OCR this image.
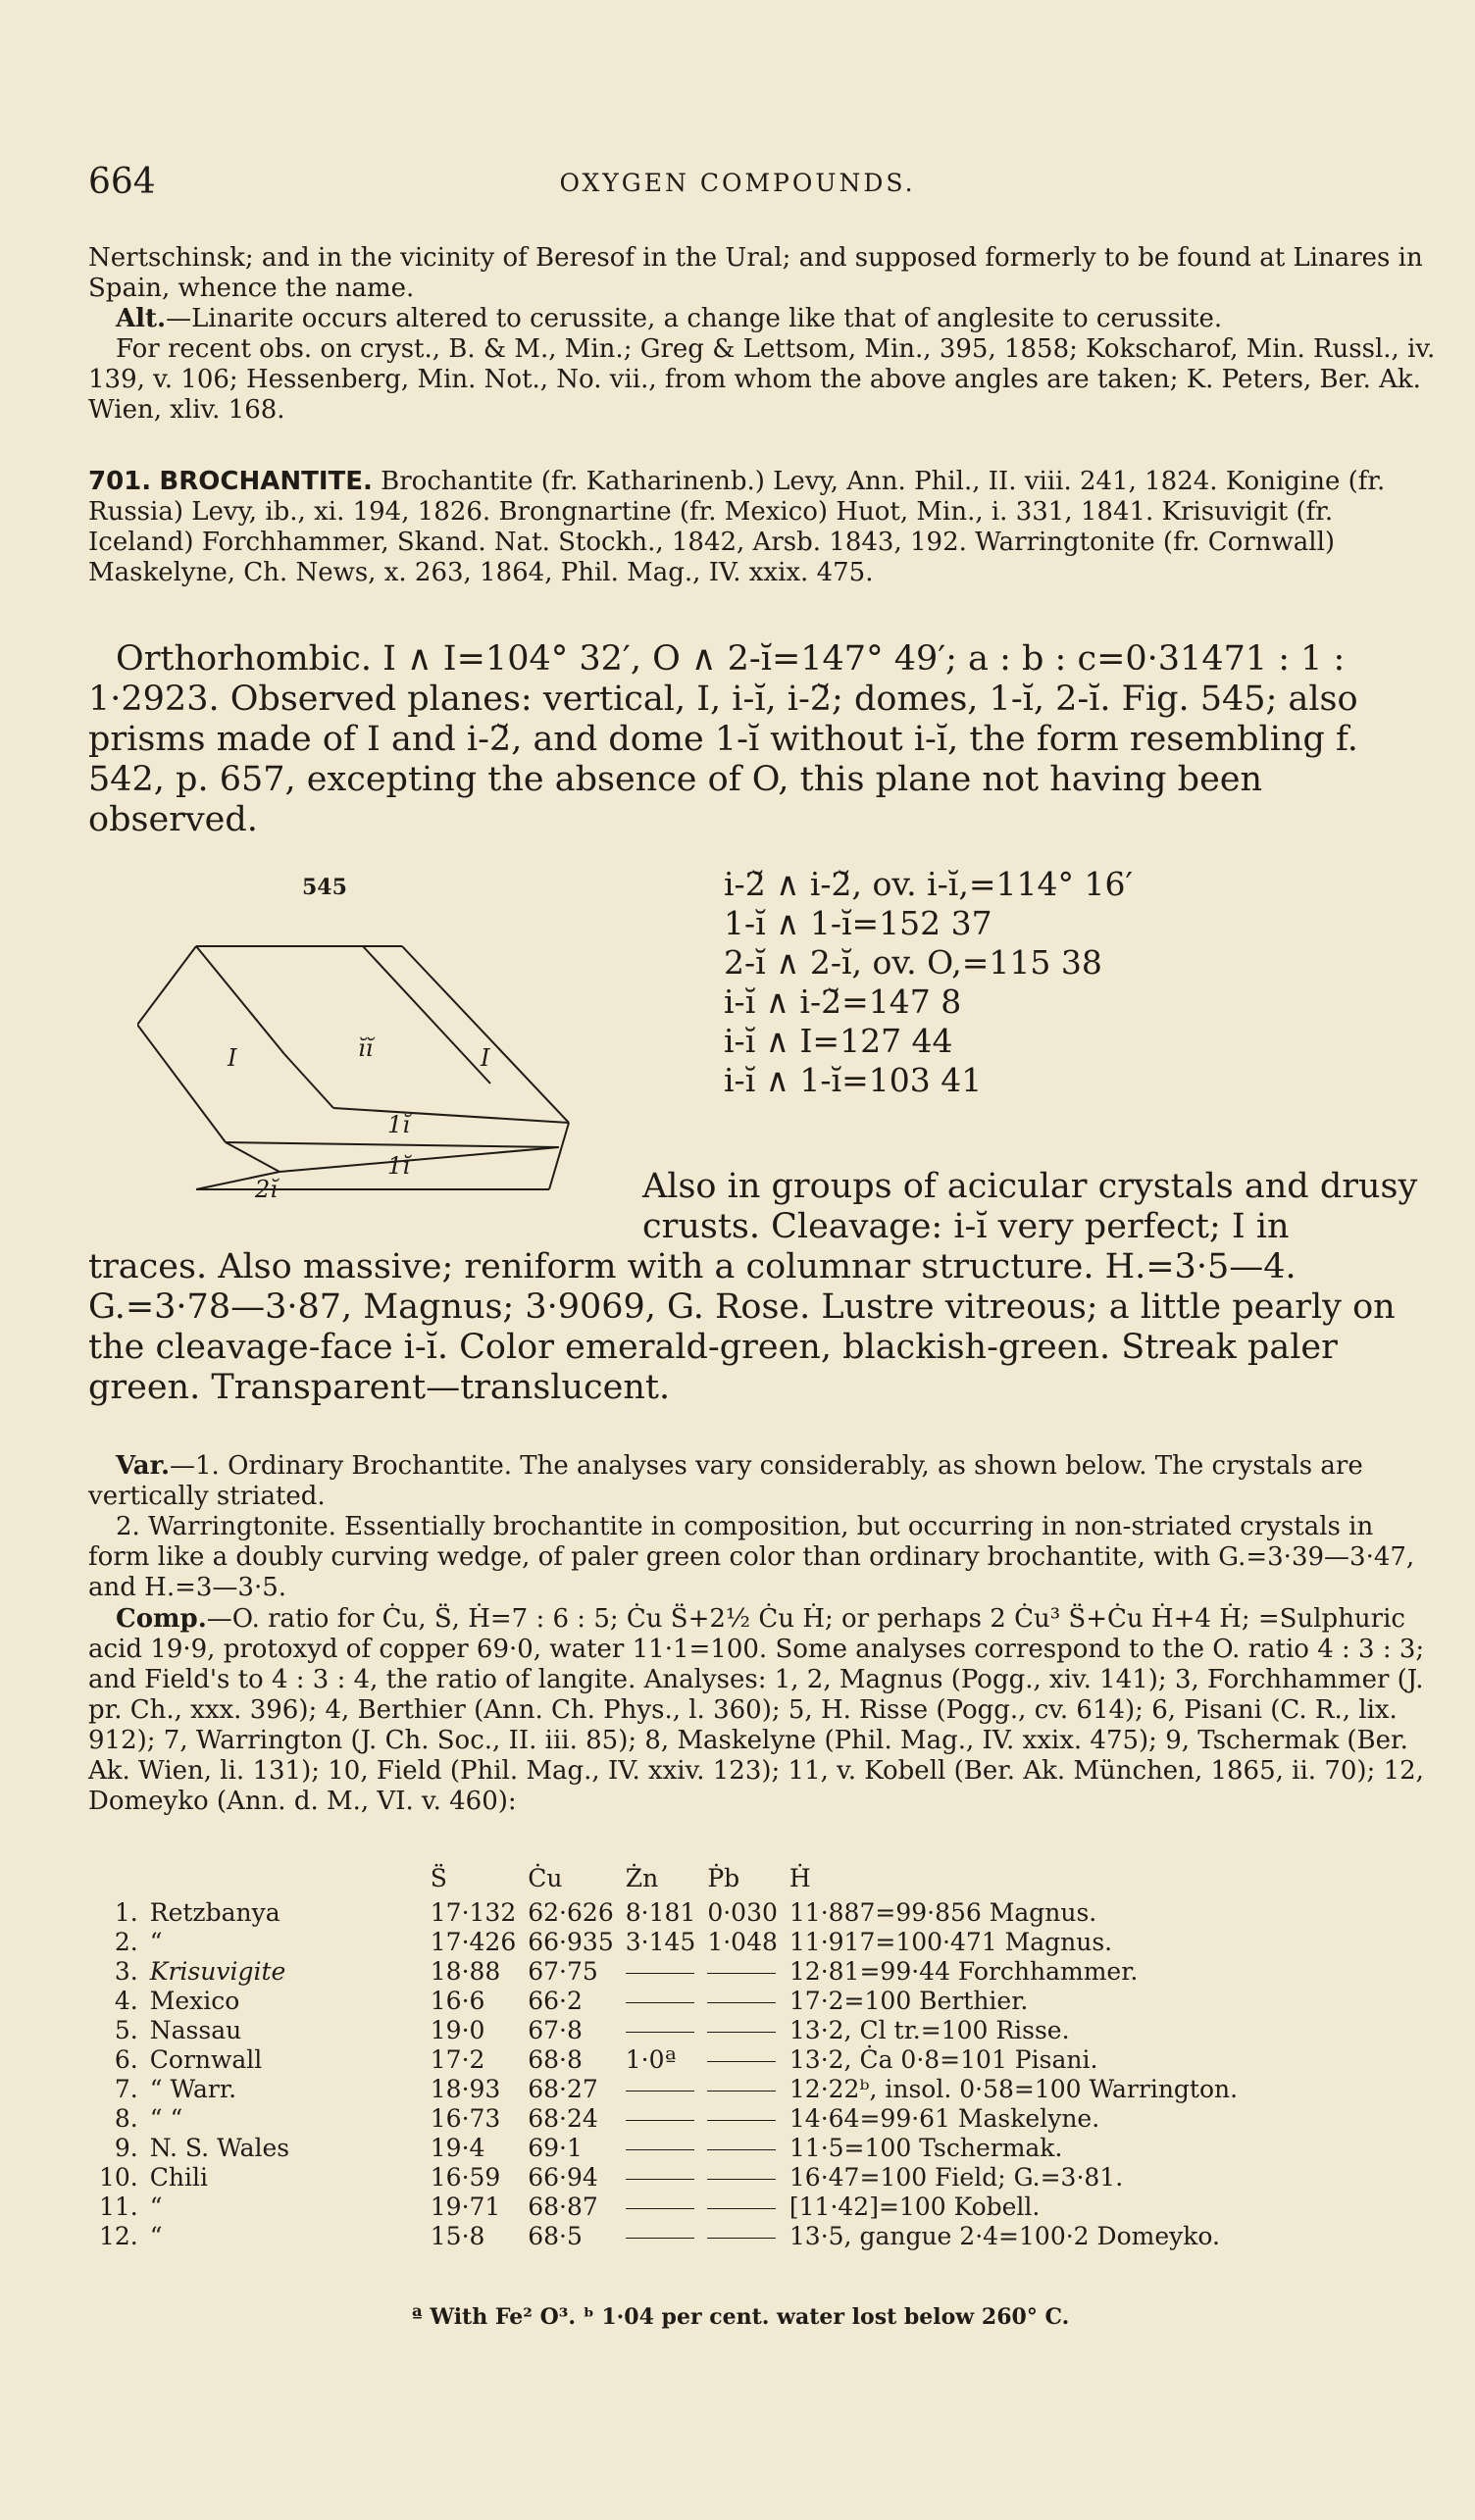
664	OXYGEN COMPOUNDS.
Nertschinsk; and in the vicinity of Beresof in the Ural; and supposed formerly to be found at Linares in Spain, whence the name.
Alt.—Linarite occurs altered to cerussite, a change like that of anglesite to cerussite.
For recent obs. on cryst., B. & M., Min.; Greg & Lettsom, Min., 395, 1858; Kokscharof, Min. Russl., iv. 139, v. 106; Hessenberg, Min. Not., No. vii., from whom the above angles are taken; K. Peters, Ber. Ak. Wien, xliv. 168.
701. BROCHANTITE. Brochantite (fr. Katharinenb.) Levy, Ann. Phil., II. viii. 241, 1824. Konigine (fr. Russia) Levy, ib., xi. 194, 1826. Brongnartine (fr. Mexico) Huot, Min., i. 331, 1841. Krisuvigit (fr. Iceland) Forchhammer, Skand. Nat. Stockh., 1842, Arsb. 1843, 192. Warringtonite (fr. Cornwall) Maskelyne, Ch. News, x. 263, 1864, Phil. Mag., IV. xxix. 475.
Orthorhombic. I ∧ I=104° 32′, O ∧ 2-ĭ=147° 49′; a : b : c=0·31471 : 1 : 1·2923. Observed planes: vertical, I, i-ĭ, i-2̆; domes, 1-ĭ, 2-ĭ. Fig. 545; also prisms made of I and i-2̆, and dome 1-ĭ without i-ĭ, the form resembling f. 542, p. 657, excepting the absence of O, this plane not having been observed.
545
I	ĭĭ	I
1ĭ
1ĭ
2ĭ
i-2̆ ∧ i-2̆, ov. i-ĭ,=114° 16′
1-ĭ ∧ 1-ĭ=152 37
2-ĭ ∧ 2-ĭ, ov. O,=115 38
i-ĭ ∧ i-2̆=147 8
i-ĭ ∧ I=127 44
i-ĭ ∧ 1-ĭ=103 41
Also in groups of acicular crystals and drusy
crusts. Cleavage: i-ĭ very perfect; I in
traces. Also massive; reniform with a columnar structure. H.=3·5—4. G.=3·78—3·87, Magnus; 3·9069, G. Rose. Lustre vitreous; a little pearly on the cleavage-face i-ĭ. Color emerald-green, blackish-green. Streak paler green. Transparent—translucent.
Var.—1. Ordinary Brochantite. The analyses vary considerably, as shown below. The crystals are vertically striated.
2. Warringtonite. Essentially brochantite in composition, but occurring in non-striated crystals in form like a doubly curving wedge, of paler green color than ordinary brochantite, with G.=3·39—3·47, and H.=3—3·5.
Comp.—O. ratio for Ċu, S̈, Ḣ=7 : 6 : 5; Ċu S̈+2½ Ċu Ḣ; or perhaps 2 Ċu³ S̈+Ċu Ḣ+4 Ḣ; =Sulphuric acid 19·9, protoxyd of copper 69·0, water 11·1=100. Some analyses correspond to the O. ratio 4 : 3 : 3; and Field's to 4 : 3 : 4, the ratio of langite. Analyses: 1, 2, Magnus (Pogg., xiv. 141); 3, Forchhammer (J. pr. Ch., xxx. 396); 4, Berthier (Ann. Ch. Phys., l. 360); 5, H. Risse (Pogg., cv. 614); 6, Pisani (C. R., lix. 912); 7, Warrington (J. Ch. Soc., II. iii. 85); 8, Maskelyne (Phil. Mag., IV. xxix. 475); 9, Tschermak (Ber. Ak. Wien, li. 131); 10, Field (Phil. Mag., IV. xxiv. 123); 11, v. Kobell (Ber. Ak. München, 1865, ii. 70); 12, Domeyko (Ann. d. M., VI. v. 460):
		S̈	Ċu	Żn	Ṗb	Ḣ
1.	Retzbanya	17·132	62·626	8·181	0·030	11·887=99·856 Magnus.
2.	“	17·426	66·935	3·145	1·048	11·917=100·471 Magnus.
3.	Krisuvigite	18·88	67·75			12·81=99·44 Forchhammer.
4.	Mexico	16·6	66·2			17·2=100 Berthier.
5.	Nassau	19·0	67·8			13·2, Cl tr.=100 Risse.
6.	Cornwall	17·2	68·8	1·0ª		13·2, Ċa 0·8=101 Pisani.
7.	“ Warr.	18·93	68·27			12·22ᵇ, insol. 0·58=100 Warrington.
8.	“ “	16·73	68·24			14·64=99·61 Maskelyne.
9.	N. S. Wales	19·4	69·1			11·5=100 Tschermak.
10.	Chili	16·59	66·94			16·47=100 Field; G.=3·81.
11.	“	19·71	68·87			[11·42]=100 Kobell.
12.	“	15·8	68·5			13·5, gangue 2·4=100·2 Domeyko.
ª With Fe² O³. ᵇ 1·04 per cent. water lost below 260° C.
